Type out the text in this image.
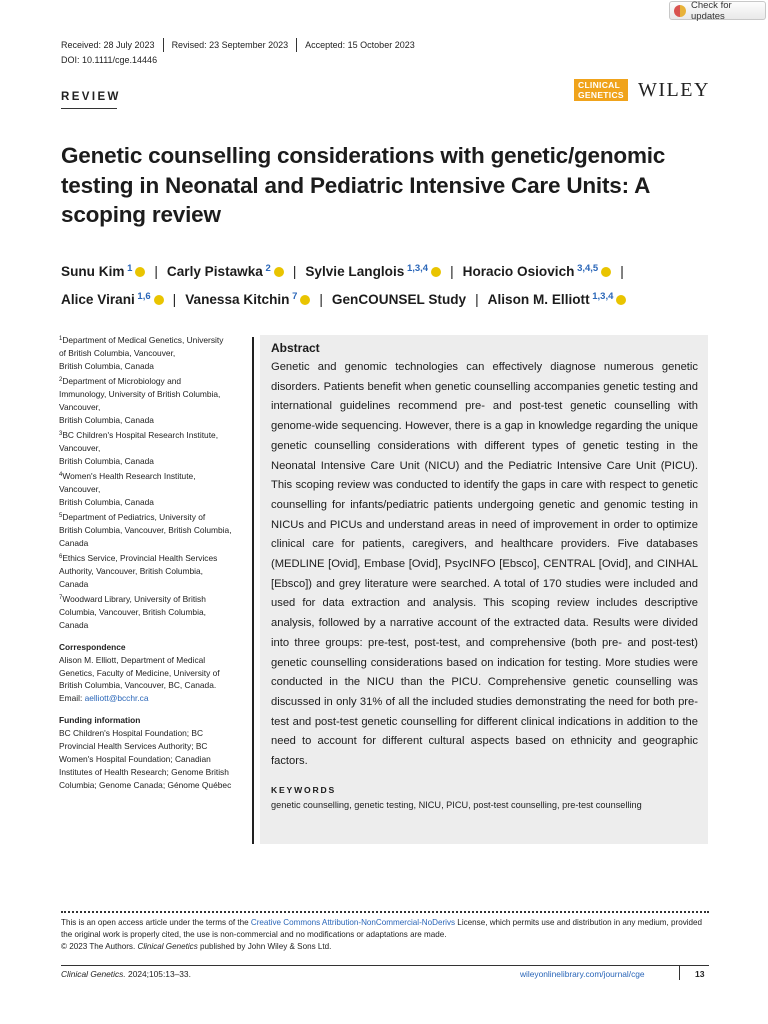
Check for updates
Received: 28 July 2023	Revised: 23 September 2023	Accepted: 15 October 2023
DOI: 10.1111/cge.14446
REVIEW
CLINICAL
GENETICS WILEY
Genetic counselling considerations with genetic/genomic testing in Neonatal and Pediatric Intensive Care Units: A scoping review
Sunu Kim $^1$ | Carly Pistawka $^2$ | Sylvie Langlois $^{1,3,4}$ | Horacio Osiovich $^{3,4,5}$ |
Alice Virani $^{1,6}$ | Vanessa Kitchin $^7$ | GenCOUNSEL Study | Alison M. Elliott $^{1,3,4}$
$^1$Department of Medical Genetics, University
of British Columbia, Vancouver,
British Columbia, Canada
$^2$Department of Microbiology and
Immunology, University of British Columbia,
Vancouver,
British Columbia, Canada
$^3$BC Children's Hospital Research Institute,
Vancouver,
British Columbia, Canada
$^4$Women's Health Research Institute,
Vancouver,
British Columbia, Canada
$^5$Department of Pediatrics, University of
British Columbia, Vancouver, British Columbia,
Canada
$^6$Ethics Service, Provincial Health Services
Authority, Vancouver, British Columbia,
Canada
$^7$Woodward Library, University of British
Columbia, Vancouver, British Columbia,
Canada
Correspondence
Alison M. Elliott, Department of Medical
Genetics, Faculty of Medicine, University of
British Columbia, Vancouver, BC, Canada.
Email: aelliott@bcchr.ca
Funding information
BC Children's Hospital Foundation; BC
Provincial Health Services Authority; BC
Women's Hospital Foundation; Canadian
Institutes of Health Research; Genome British
Columbia; Genome Canada; Génome Québec
Abstract

Genetic and genomic technologies can effectively diagnose numerous genetic disorders. Patients benefit when genetic counselling accompanies genetic testing and international guidelines recommend pre- and post-test genetic counselling with genome-wide sequencing. However, there is a gap in knowledge regarding the unique genetic counselling considerations with different types of genetic testing in the Neonatal Intensive Care Unit (NICU) and the Pediatric Intensive Care Unit (PICU). This scoping review was conducted to identify the gaps in care with respect to genetic counselling for infants/pediatric patients undergoing genetic and genomic testing in NICUs and PICUs and understand areas in need of improvement in order to optimize clinical care for patients, caregivers, and healthcare providers. Five databases (MEDLINE [Ovid], Embase [Ovid], PsycINFO [Ebsco], CENTRAL [Ovid], and CINHAL [Ebsco]) and grey literature were searched. A total of 170 studies were included and used for data extraction and analysis. This scoping review includes descriptive analysis, followed by a narrative account of the extracted data. Results were divided into three groups: pre-test, post-test, and comprehensive (both pre- and post-test) genetic counselling considerations based on indication for testing. More studies were conducted in the NICU than the PICU. Comprehensive genetic counselling was discussed in only 31% of all the included studies demonstrating the need for both pre-test and post-test genetic counselling for different clinical indications in addition to the need to account for different cultural aspects based on ethnicity and geographic factors.

KEYWORDS
genetic counselling, genetic testing, NICU, PICU, post-test counselling, pre-test counselling
This is an open access article under the terms of the Creative Commons Attribution-NonCommercial-NoDerivs License, which permits use and distribution in any medium, provided the original work is properly cited, the use is non-commercial and no modifications or adaptations are made.
© 2023 The Authors. Clinical Genetics published by John Wiley & Sons Ltd.
Clinical Genetics. 2024;105:13–33.	wileyonlinelibrary.com/journal/cge	13
